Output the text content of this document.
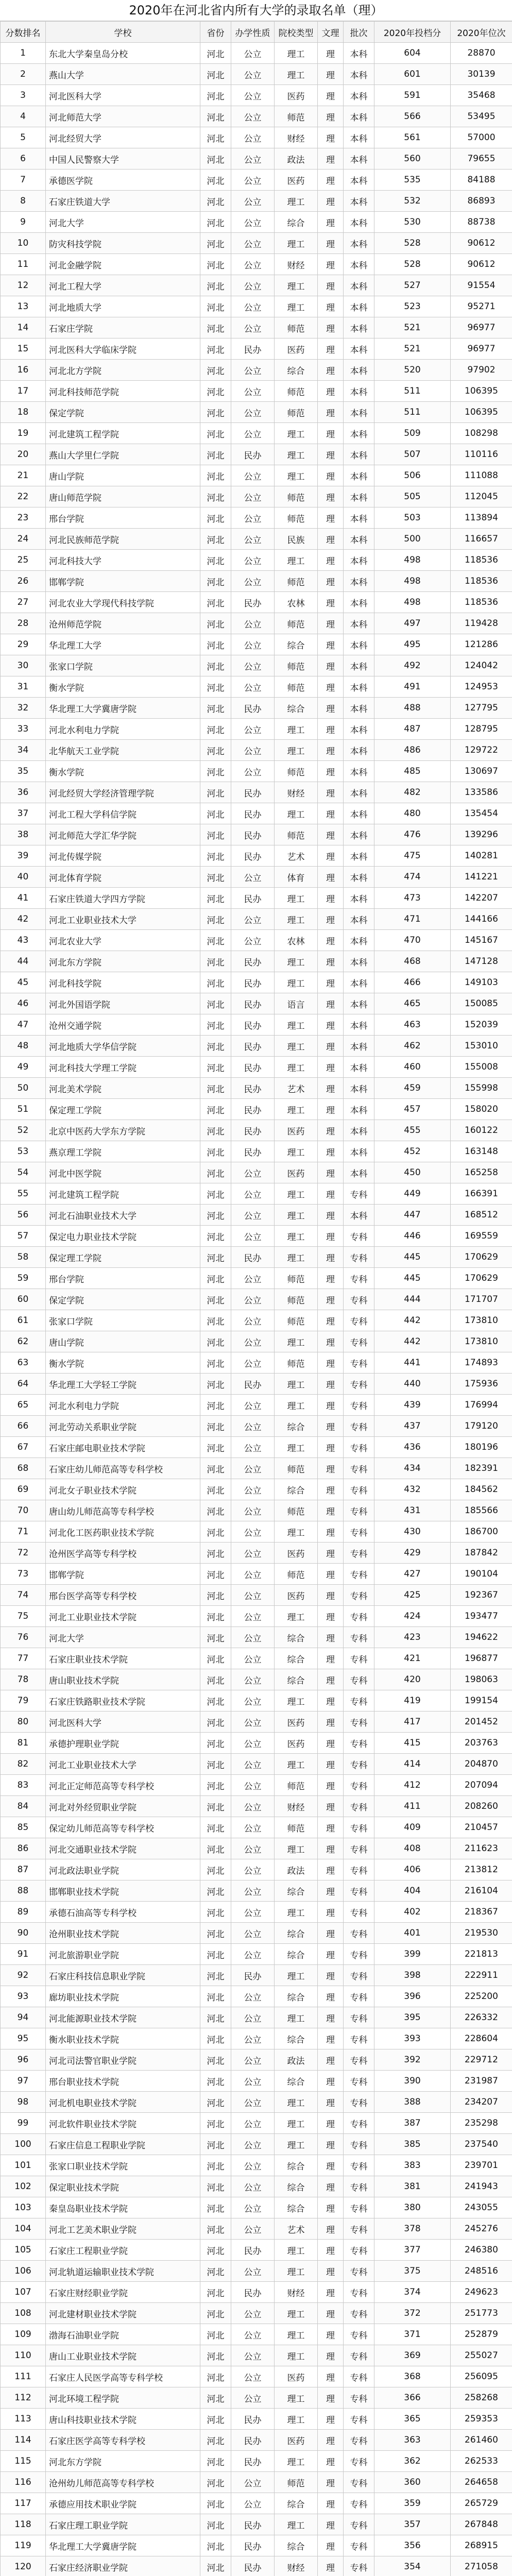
2020年在河北省内所有大学的录取名单（理）
分数排名	学校	省份	办学性质	院校类型	文理	批次	2020年投档分	2020年位次
1	东北大学秦皇岛分校	河北	公立	理工	理	本科	604	28870
2	燕山大学	河北	公立	理工	理	本科	601	30139
3	河北医科大学	河北	公立	医药	理	本科	591	35468
4	河北师范大学	河北	公立	师范	理	本科	566	53495
5	河北经贸大学	河北	公立	财经	理	本科	561	57000
6	中国人民警察大学	河北	公立	政法	理	本科	560	79655
7	承德医学院	河北	公立	医药	理	本科	535	84188
8	石家庄铁道大学	河北	公立	理工	理	本科	532	86893
9	河北大学	河北	公立	综合	理	本科	530	88738
10	防灾科技学院	河北	公立	理工	理	本科	528	90612
11	河北金融学院	河北	公立	财经	理	本科	528	90612
12	河北工程大学	河北	公立	理工	理	本科	527	91554
13	河北地质大学	河北	公立	理工	理	本科	523	95271
14	石家庄学院	河北	公立	师范	理	本科	521	96977
15	河北医科大学临床学院	河北	民办	医药	理	本科	521	96977
16	河北北方学院	河北	公立	综合	理	本科	520	97902
17	河北科技师范学院	河北	公立	师范	理	本科	511	106395
18	保定学院	河北	公立	师范	理	本科	511	106395
19	河北建筑工程学院	河北	公立	理工	理	本科	509	108298
20	燕山大学里仁学院	河北	民办	理工	理	本科	507	110116
21	唐山学院	河北	公立	理工	理	本科	506	111088
22	唐山师范学院	河北	公立	师范	理	本科	505	112045
23	邢台学院	河北	公立	师范	理	本科	503	113894
24	河北民族师范学院	河北	公立	民族	理	本科	500	116657
25	河北科技大学	河北	公立	理工	理	本科	498	118536
26	邯郸学院	河北	公立	师范	理	本科	498	118536
27	河北农业大学现代科技学院	河北	民办	农林	理	本科	498	118536
28	沧州师范学院	河北	公立	师范	理	本科	497	119428
29	华北理工大学	河北	公立	综合	理	本科	495	121286
30	张家口学院	河北	公立	师范	理	本科	492	124042
31	衡水学院	河北	公立	师范	理	本科	491	124953
32	华北理工大学冀唐学院	河北	民办	综合	理	本科	488	127795
33	河北水利电力学院	河北	公立	理工	理	本科	487	128795
34	北华航天工业学院	河北	公立	理工	理	本科	486	129722
35	衡水学院	河北	公立	师范	理	本科	485	130697
36	河北经贸大学经济管理学院	河北	民办	财经	理	本科	482	133586
37	河北工程大学科信学院	河北	民办	理工	理	本科	480	135454
38	河北师范大学汇华学院	河北	民办	师范	理	本科	476	139296
39	河北传媒学院	河北	民办	艺术	理	本科	475	140281
40	河北体育学院	河北	公立	体育	理	本科	474	141221
41	石家庄铁道大学四方学院	河北	民办	理工	理	本科	473	142207
42	河北工业职业技术大学	河北	公立	理工	理	本科	471	144166
43	河北农业大学	河北	公立	农林	理	本科	470	145167
44	河北东方学院	河北	民办	理工	理	本科	468	147128
45	河北科技学院	河北	民办	理工	理	本科	466	149103
46	河北外国语学院	河北	民办	语言	理	本科	465	150085
47	沧州交通学院	河北	民办	理工	理	本科	463	152039
48	河北地质大学华信学院	河北	民办	理工	理	本科	462	153010
49	河北科技大学理工学院	河北	民办	理工	理	本科	460	155008
50	河北美术学院	河北	民办	艺术	理	本科	459	155998
51	保定理工学院	河北	民办	理工	理	本科	457	158020
52	北京中医药大学东方学院	河北	民办	医药	理	本科	455	160122
53	燕京理工学院	河北	民办	理工	理	本科	452	163148
54	河北中医学院	河北	公立	医药	理	本科	450	165258
55	河北建筑工程学院	河北	公立	理工	理	专科	449	166391
56	河北石油职业技术大学	河北	公立	理工	理	本科	447	168512
57	保定电力职业技术学院	河北	公立	理工	理	专科	446	169559
58	保定理工学院	河北	民办	理工	理	专科	445	170629
59	邢台学院	河北	公立	师范	理	专科	445	170629
60	保定学院	河北	公立	师范	理	专科	444	171707
61	张家口学院	河北	公立	师范	理	专科	442	173810
62	唐山学院	河北	公立	理工	理	专科	442	173810
63	衡水学院	河北	公立	师范	理	专科	441	174893
64	华北理工大学轻工学院	河北	民办	理工	理	专科	440	175936
65	河北水利电力学院	河北	公立	理工	理	专科	439	176994
66	河北劳动关系职业学院	河北	公立	综合	理	专科	437	179120
67	石家庄邮电职业技术学院	河北	公立	理工	理	专科	436	180196
68	石家庄幼儿师范高等专科学校	河北	公立	师范	理	专科	434	182391
69	河北女子职业技术学院	河北	公立	综合	理	专科	432	184562
70	唐山幼儿师范高等专科学校	河北	公立	师范	理	专科	431	185566
71	河北化工医药职业技术学院	河北	公立	理工	理	专科	430	186700
72	沧州医学高等专科学校	河北	公立	医药	理	专科	429	187842
73	邯郸学院	河北	公立	师范	理	专科	427	190104
74	邢台医学高等专科学校	河北	公立	医药	理	专科	425	192367
75	河北工业职业技术学院	河北	公立	理工	理	专科	424	193477
76	河北大学	河北	公立	综合	理	专科	423	194622
77	石家庄职业技术学院	河北	公立	综合	理	专科	421	196877
78	唐山职业技术学院	河北	公立	综合	理	专科	420	198063
79	石家庄铁路职业技术学院	河北	公立	理工	理	专科	419	199154
80	河北医科大学	河北	公立	医药	理	专科	417	201452
81	承德护理职业学院	河北	公立	医药	理	专科	415	203763
82	河北工业职业技术大学	河北	公立	理工	理	专科	414	204870
83	河北正定师范高等专科学校	河北	公立	师范	理	专科	412	207094
84	河北对外经贸职业学院	河北	公立	财经	理	专科	411	208260
85	保定幼儿师范高等专科学校	河北	公立	师范	理	专科	409	210457
86	河北交通职业技术学院	河北	公立	理工	理	专科	408	211623
87	河北政法职业学院	河北	公立	政法	理	专科	406	213812
88	邯郸职业技术学院	河北	公立	综合	理	专科	404	216104
89	承德石油高等专科学校	河北	公立	理工	理	专科	402	218367
90	沧州职业技术学院	河北	公立	综合	理	专科	401	219530
91	河北旅游职业学院	河北	公立	综合	理	专科	399	221813
92	石家庄科技信息职业学院	河北	民办	理工	理	专科	398	222911
93	廊坊职业技术学院	河北	公立	综合	理	专科	396	225200
94	河北能源职业技术学院	河北	公立	理工	理	专科	395	226332
95	衡水职业技术学院	河北	公立	综合	理	专科	393	228604
96	河北司法警官职业学院	河北	公立	政法	理	专科	392	229712
97	邢台职业技术学院	河北	公立	综合	理	专科	390	231987
98	河北机电职业技术学院	河北	公立	理工	理	专科	388	234207
99	河北软件职业技术学院	河北	公立	理工	理	专科	387	235298
100	石家庄信息工程职业学院	河北	公立	理工	理	专科	385	237540
101	张家口职业技术学院	河北	公立	综合	理	专科	383	239701
102	保定职业技术学院	河北	公立	综合	理	专科	381	241943
103	秦皇岛职业技术学院	河北	公立	综合	理	专科	380	243055
104	河北工艺美术职业学院	河北	公立	艺术	理	专科	378	245276
105	石家庄工程职业学院	河北	民办	理工	理	专科	377	246380
106	河北轨道运输职业技术学院	河北	公立	理工	理	专科	375	248516
107	石家庄财经职业学院	河北	民办	财经	理	专科	374	249623
108	河北建材职业技术学院	河北	公立	理工	理	专科	372	251773
109	渤海石油职业学院	河北	公立	理工	理	专科	371	252879
110	唐山工业职业技术学院	河北	公立	理工	理	专科	369	255027
111	石家庄人民医学高等专科学校	河北	公立	医药	理	专科	368	256095
112	河北环境工程学院	河北	公立	理工	理	专科	366	258268
113	唐山科技职业技术学院	河北	民办	理工	理	专科	365	259353
114	石家庄医学高等专科学校	河北	民办	医药	理	专科	363	261460
115	河北东方学院	河北	民办	理工	理	专科	362	262533
116	沧州幼儿师范高等专科学校	河北	公立	师范	理	专科	360	264658
117	承德应用技术职业学院	河北	公立	综合	理	专科	359	265729
118	石家庄理工职业学院	河北	民办	理工	理	专科	357	267848
119	华北理工大学冀唐学院	河北	民办	综合	理	专科	356	268915
120	石家庄经济职业学院	河北	民办	财经	理	专科	354	271058
